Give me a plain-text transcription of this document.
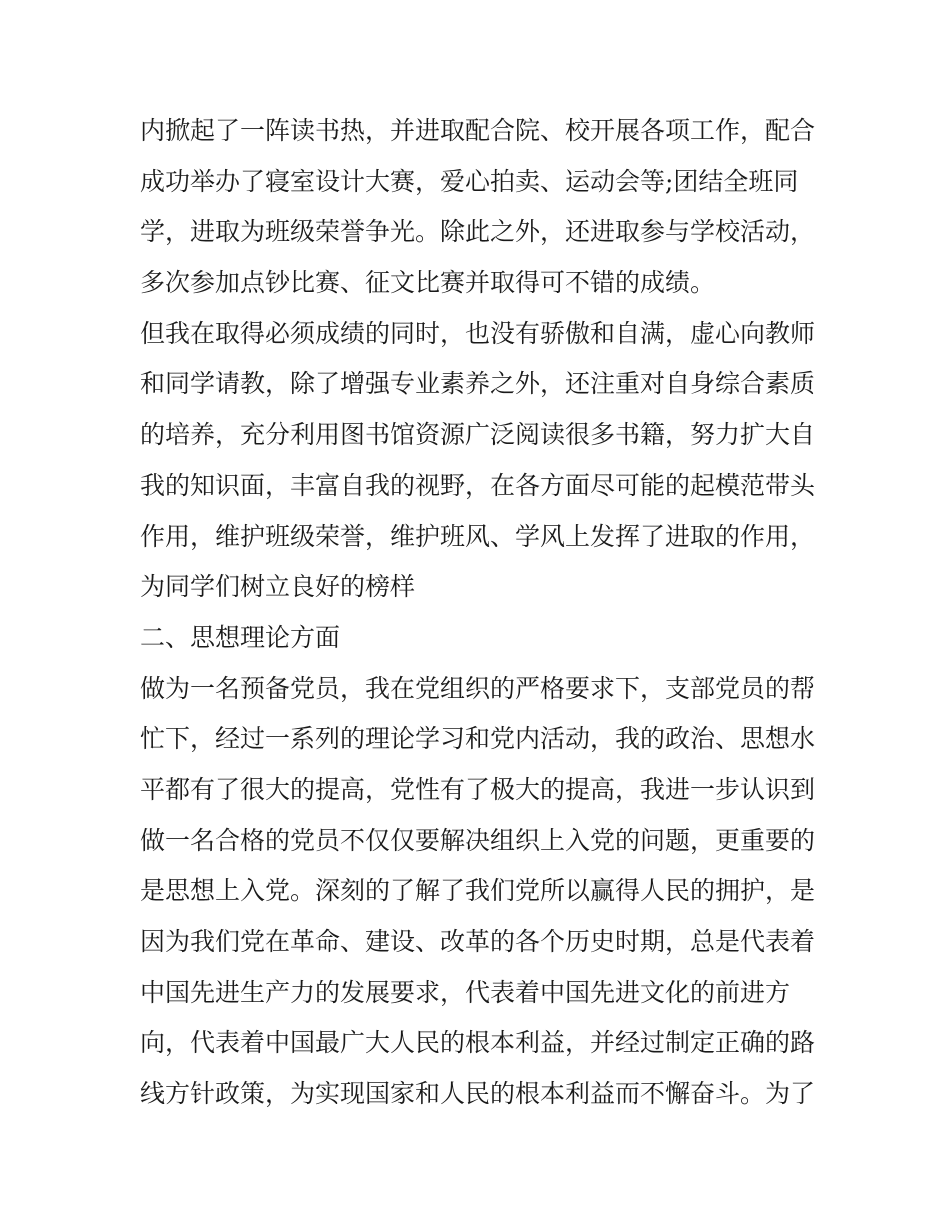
内掀起了一阵读书热，并进取配合院、校开展各项工作，配合
成功举办了寝室设计大赛，爱心拍卖、运动会等;团结全班同
学，进取为班级荣誉争光。除此之外，还进取参与学校活动，
多次参加点钞比赛、征文比赛并取得可不错的成绩。
但我在取得必须成绩的同时，也没有骄傲和自满，虚心向教师
和同学请教，除了增强专业素养之外，还注重对自身综合素质
的培养，充分利用图书馆资源广泛阅读很多书籍，努力扩大自
我的知识面，丰富自我的视野，在各方面尽可能的起模范带头
作用，维护班级荣誉，维护班风、学风上发挥了进取的作用，
为同学们树立良好的榜样
二、思想理论方面
做为一名预备党员，我在党组织的严格要求下，支部党员的帮
忙下，经过一系列的理论学习和党内活动，我的政治、思想水
平都有了很大的提高，党性有了极大的提高，我进一步认识到
做一名合格的党员不仅仅要解决组织上入党的问题，更重要的
是思想上入党。深刻的了解了我们党所以赢得人民的拥护，是
因为我们党在革命、建设、改革的各个历史时期，总是代表着
中国先进生产力的发展要求，代表着中国先进文化的前进方
向，代表着中国最广大人民的根本利益，并经过制定正确的路
线方针政策，为实现国家和人民的根本利益而不懈奋斗。为了
